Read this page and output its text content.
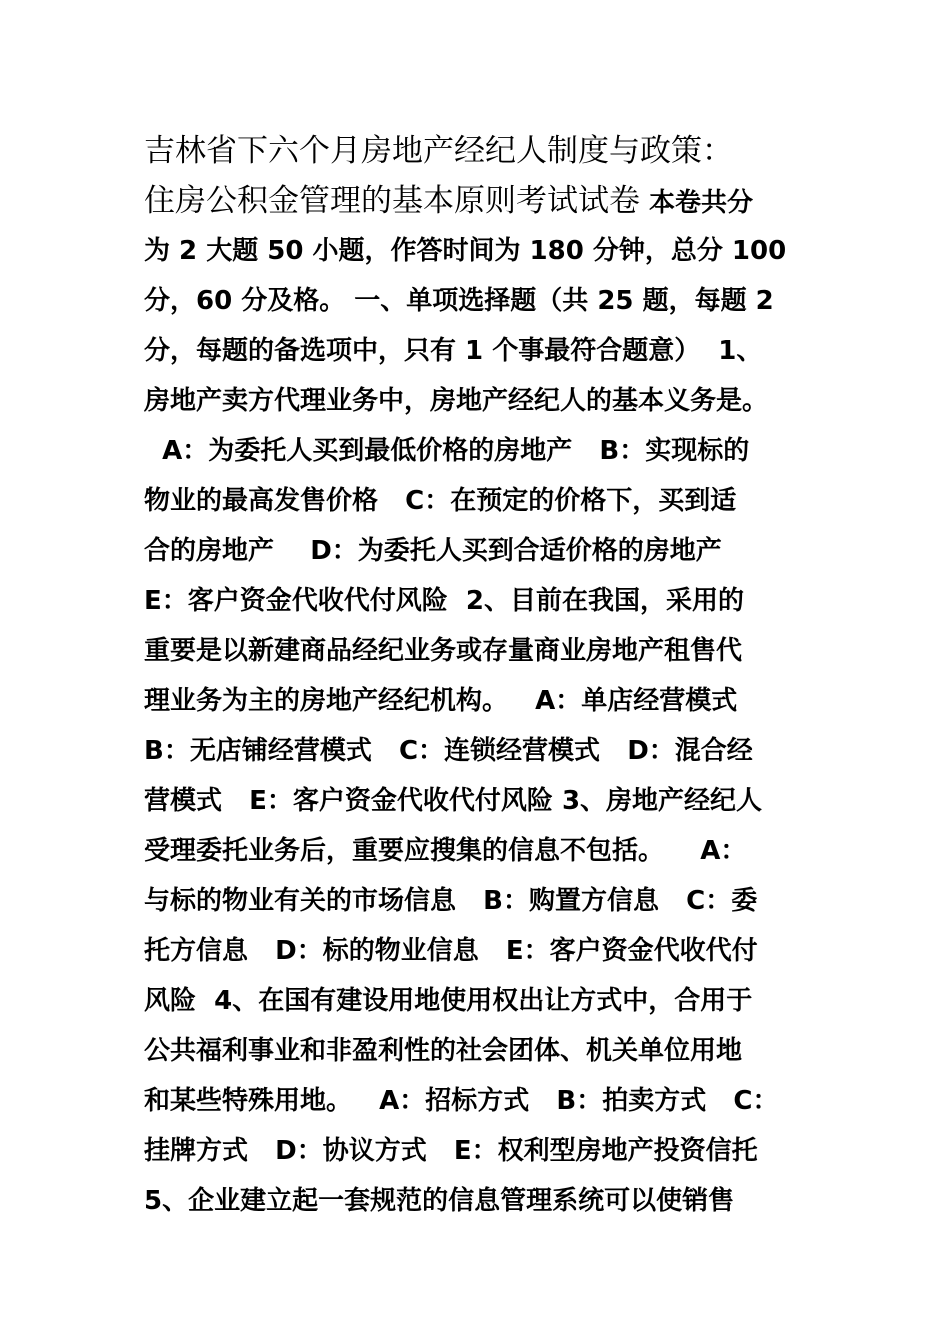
吉林省下六个月房地产经纪人制度与政策：
住房公积金管理的基本原则考试试卷 本卷共分
为 2 大题 50 小题，作答时间为 180 分钟，总分 100
分，60 分及格。 一、单项选择题（共 25 题，每题 2
分，每题的备选项中，只有 1 个事最符合题意）  1、
房地产卖方代理业务中，房地产经纪人的基本义务是。
A：为委托人买到最低价格的房地产   B：实现标的
物业的最高发售价格   C：在预定的价格下，买到适
合的房地产    D：为委托人买到合适价格的房地产
E：客户资金代收代付风险  2、目前在我国，采用的
重要是以新建商品经纪业务或存量商业房地产租售代
理业务为主的房地产经纪机构。   A：单店经营模式
B：无店铺经营模式   C：连锁经营模式   D：混合经
营模式   E：客户资金代收代付风险 3、房地产经纪人
受理委托业务后，重要应搜集的信息不包括。    A：
与标的物业有关的市场信息   B：购置方信息   C：委
托方信息   D：标的物业信息   E：客户资金代收代付
风险  4、在国有建设用地使用权出让方式中，合用于
公共福利事业和非盈利性的社会团体、机关单位用地
和某些特殊用地。   A：招标方式   B：拍卖方式   C：
挂牌方式   D：协议方式   E：权利型房地产投资信托
5、企业建立起一套规范的信息管理系统可以使销售
